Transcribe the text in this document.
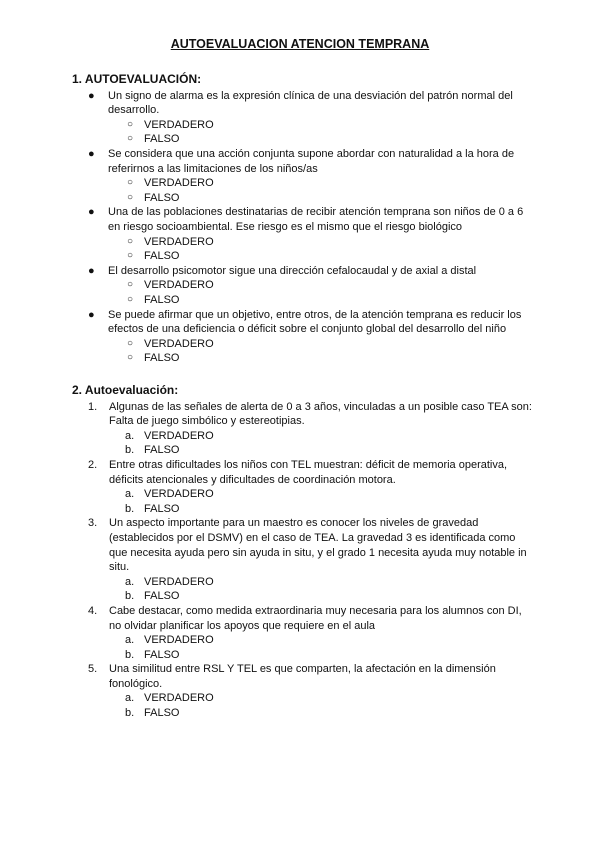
AUTOEVALUACION ATENCION TEMPRANA
1. AUTOEVALUACIÓN:
● Un signo de alarma es la expresión clínica de una desviación del patrón normal del desarrollo.
○ VERDADERO
○ FALSO
● Se considera que una acción conjunta supone abordar con naturalidad a la hora de referirnos a las limitaciones de los niños/as
○ VERDADERO
○ FALSO
● Una de las poblaciones destinatarias de recibir atención temprana son niños de 0 a 6 en riesgo socioambiental. Ese riesgo es el mismo que el riesgo biológico
○ VERDADERO
○ FALSO
● El desarrollo psicomotor sigue una dirección cefalocaudal y de axial a distal
○ VERDADERO
○ FALSO
● Se puede afirmar que un objetivo, entre otros, de la atención temprana es reducir los efectos de una deficiencia o déficit sobre el conjunto global del desarrollo del niño
○ VERDADERO
○ FALSO
2. Autoevaluación:
1. Algunas de las señales de alerta de 0 a 3 años, vinculadas a un posible caso TEA son: Falta de juego simbólico y estereotipias.
a. VERDADERO
b. FALSO
2. Entre otras dificultades los niños con TEL muestran: déficit de memoria operativa, déficits atencionales y dificultades de coordinación motora.
a. VERDADERO
b. FALSO
3. Un aspecto importante para un maestro es conocer los niveles de gravedad (establecidos por el DSMV) en el caso de TEA. La gravedad 3 es identificada como que necesita ayuda pero sin ayuda in situ, y el grado 1 necesita ayuda muy notable in situ.
a. VERDADERO
b. FALSO
4. Cabe destacar, como medida extraordinaria muy necesaria para los alumnos con DI, no olvidar planificar los apoyos que requiere en el aula
a. VERDADERO
b. FALSO
5. Una similitud entre RSL Y TEL es que comparten, la afectación en la dimensión fonológico.
a. VERDADERO
b. FALSO
